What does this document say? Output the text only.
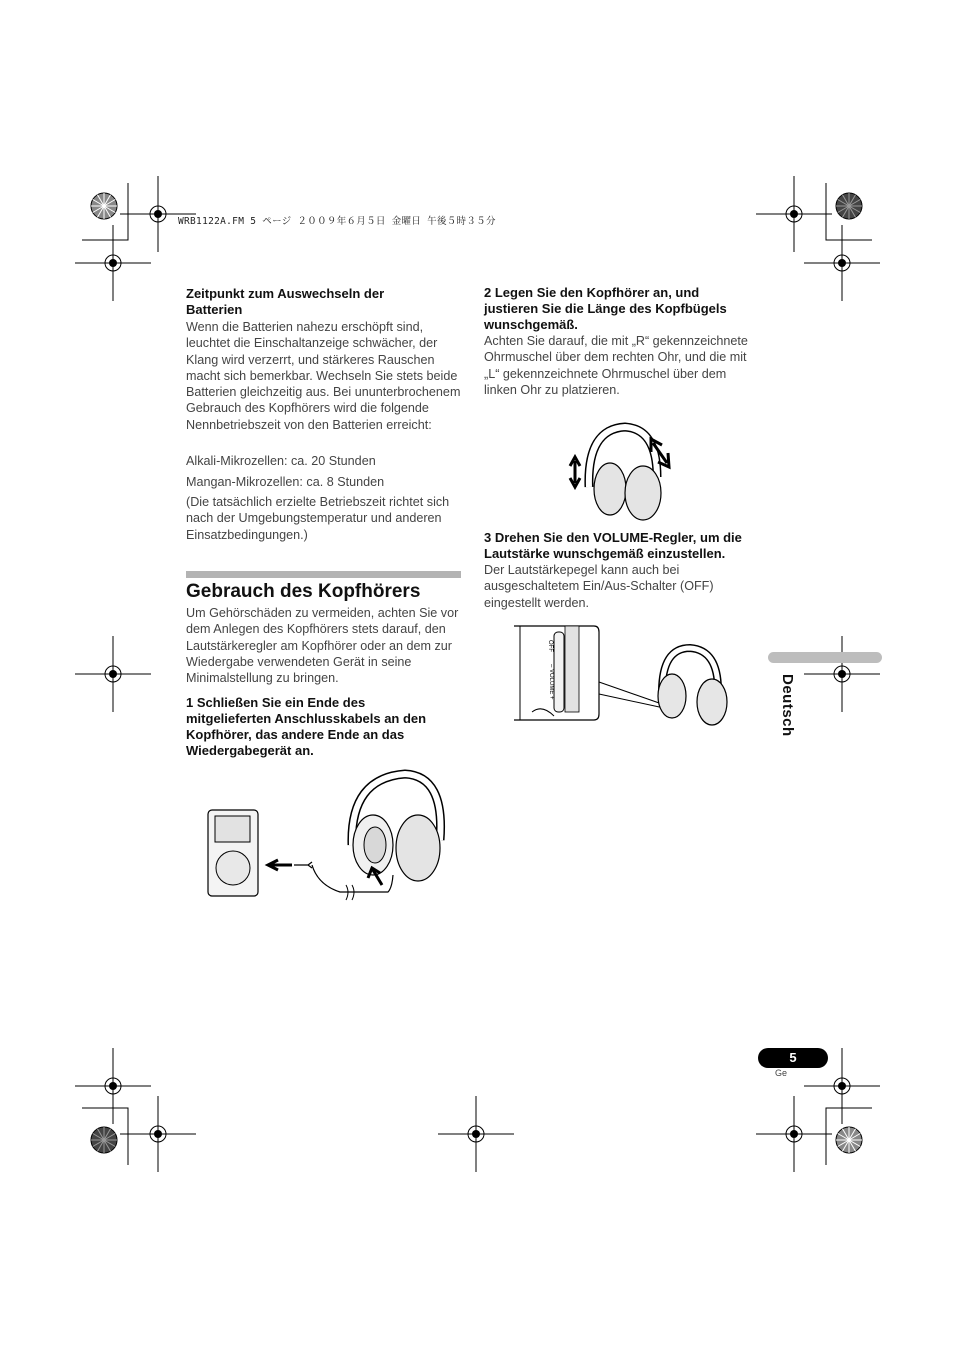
WRB1122A.FM 5 ページ ２００９年６月５日 金曜日 午後５時３５分
Zeitpunkt zum Auswechseln der Batterien
Wenn die Batterien nahezu erschöpft sind, leuchtet die Einschaltanzeige schwächer, der Klang wird verzerrt, und stärkeres Rauschen macht sich bemerkbar. Wechseln Sie stets beide Batterien gleichzeitig aus. Bei ununterbrochenem Gebrauch des Kopfhörers wird die folgende Nennbetriebszeit von den Batterien erreicht:
Alkali-Mikrozellen: ca. 20 Stunden
Mangan-Mikrozellen: ca. 8 Stunden
(Die tatsächlich erzielte Betriebszeit richtet sich nach der Umgebungstemperatur und anderen Einsatzbedingungen.)
Gebrauch des Kopfhörers
Um Gehörschäden zu vermeiden, achten Sie vor dem Anlegen des Kopfhörers stets darauf, den Lautstärkeregler am Kopfhörer oder an dem zur Wiedergabe verwendeten Gerät in seine Minimalstellung zu bringen.
1 Schließen Sie ein Ende des mitgelieferten Anschlusskabels an den Kopfhörer, das andere Ende an das Wiedergabegerät an.
2 Legen Sie den Kopfhörer an, und justieren Sie die Länge des Kopfbügels wunschgemäß.
Achten Sie darauf, die mit „R“ gekennzeichnete Ohrmuschel über dem rechten Ohr, und die mit „L“ gekennzeichnete Ohrmuschel über dem linken Ohr zu platzieren.
3 Drehen Sie den VOLUME-Regler, um die Lautstärke wunschgemäß einzustellen.
Der Lautstärkepegel kann auch bei ausgeschaltetem Ein/Aus-Schalter (OFF) eingestellt werden.
– VOLUME +
OFF
Deutsch
5
Ge
